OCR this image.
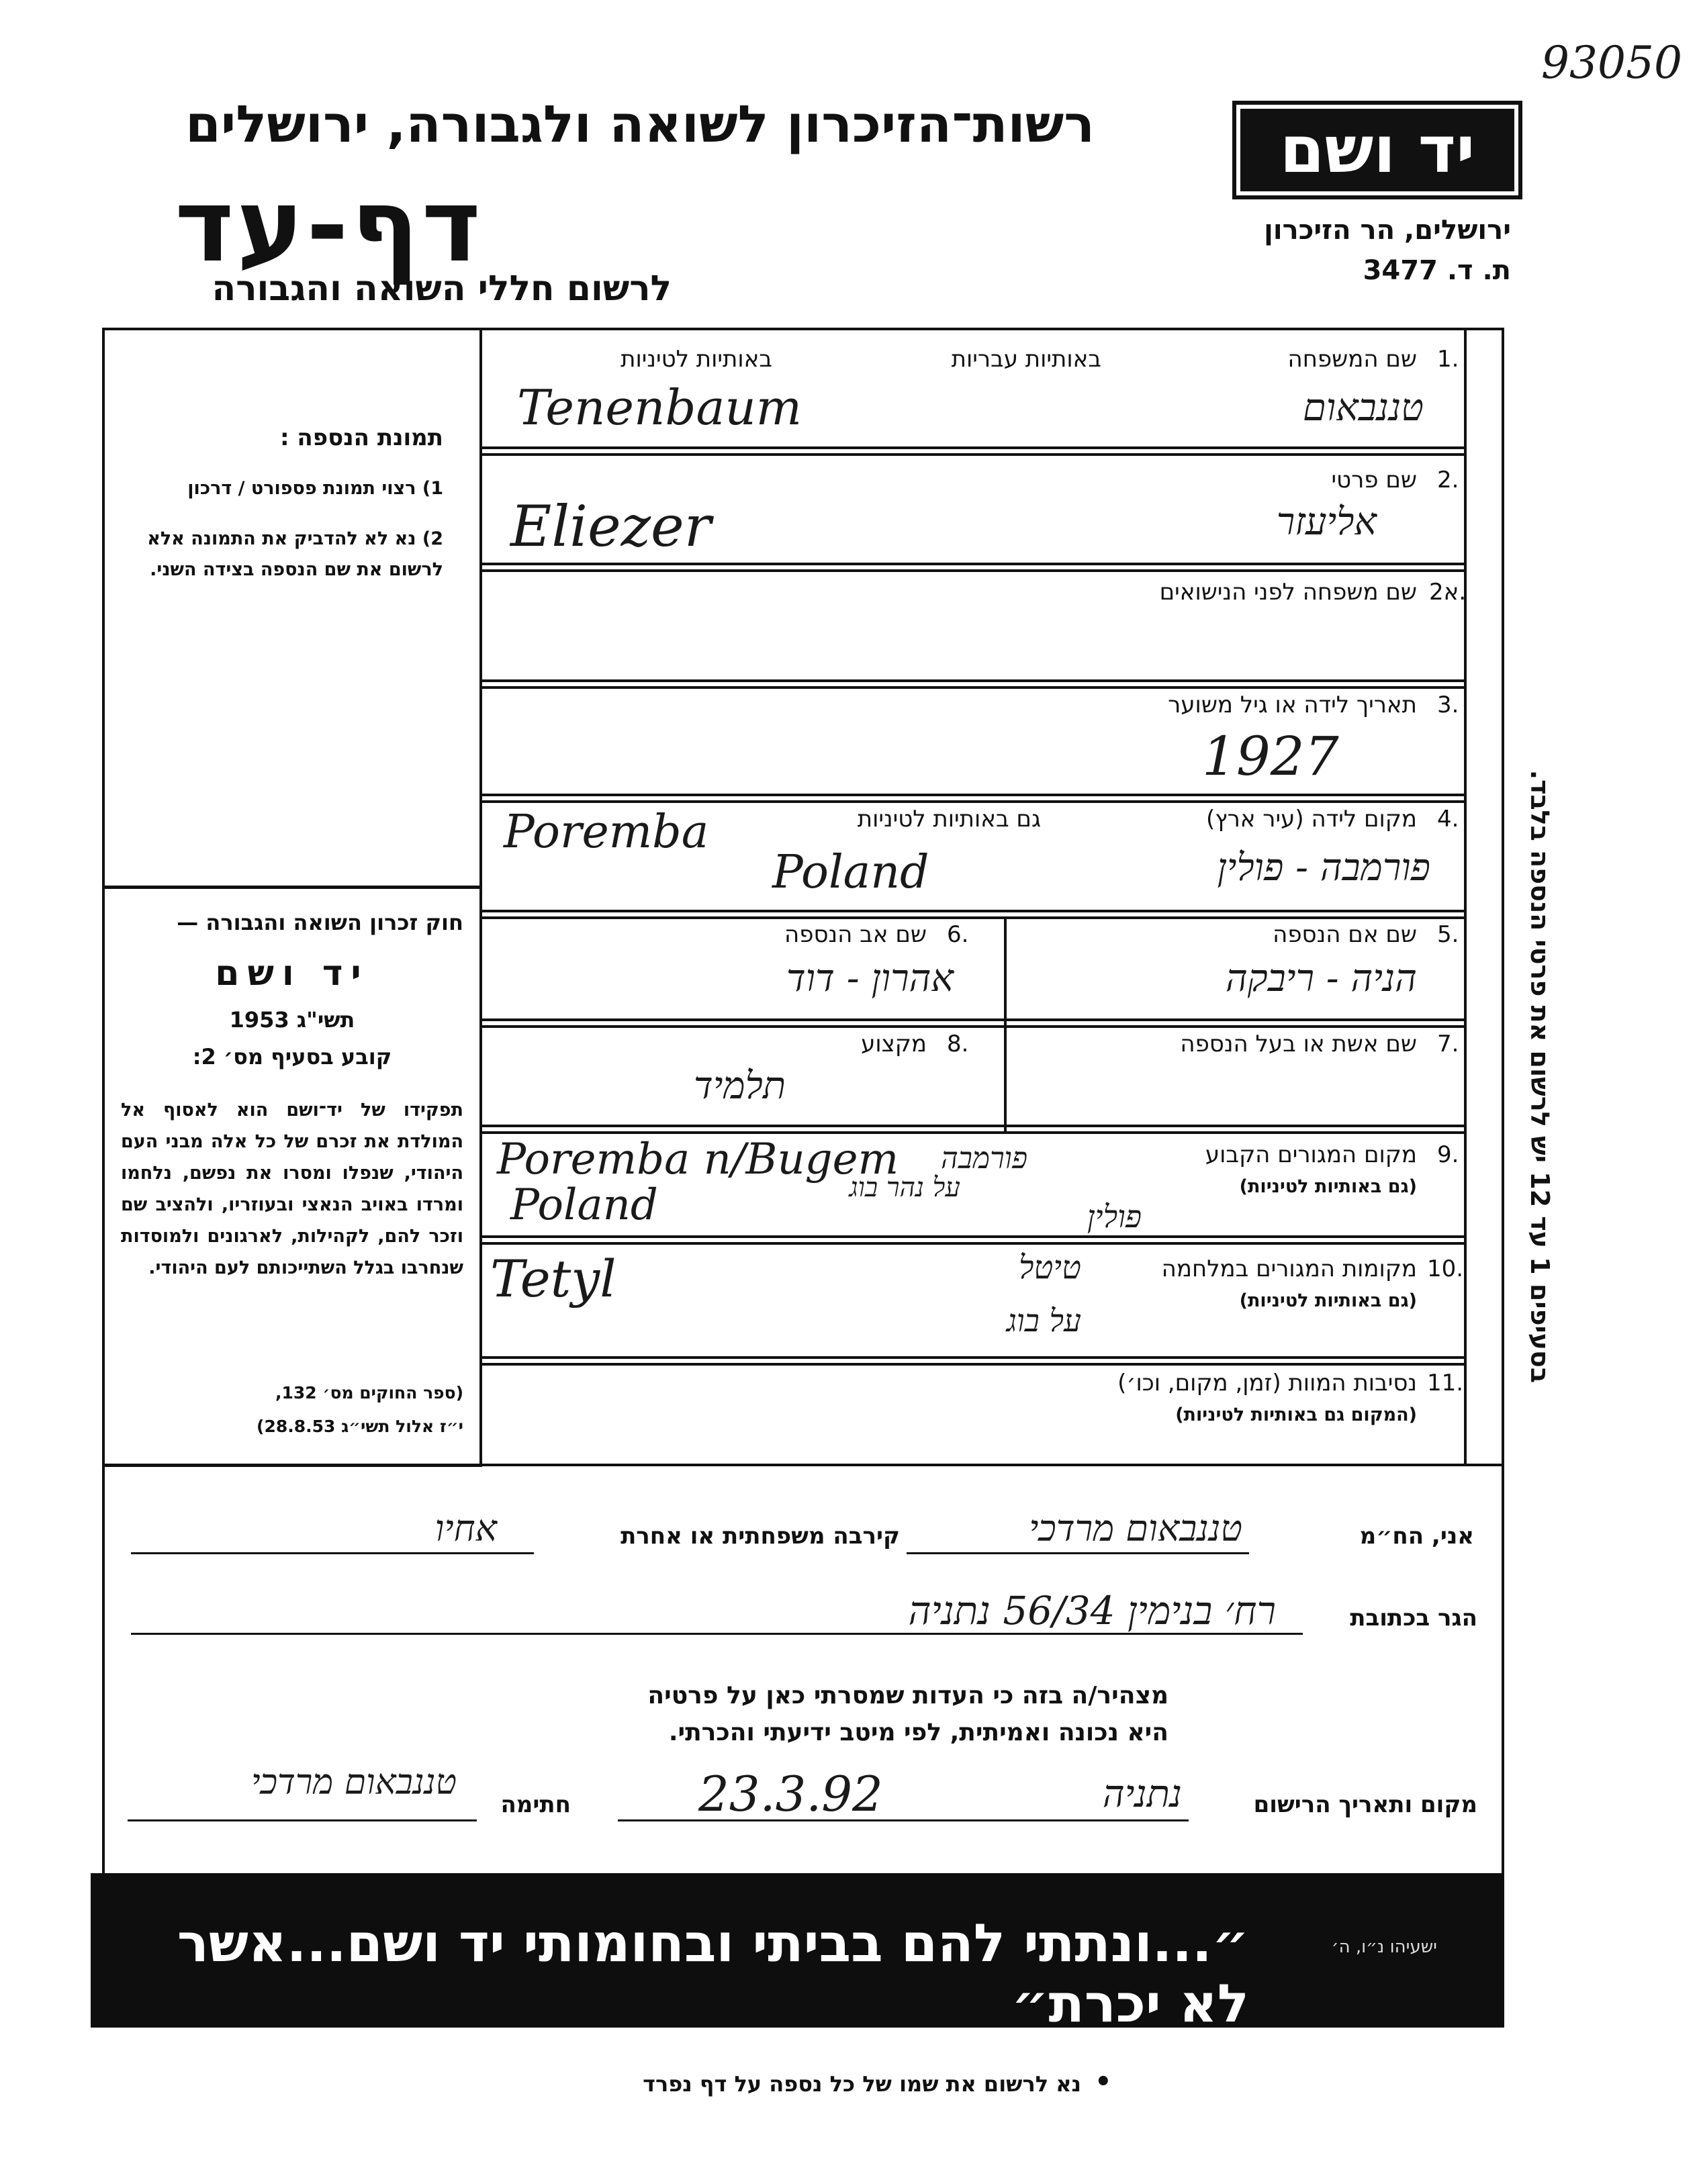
93050
יד ושם
רשות־הזיכרון לשואה ולגבורה, ירושלים
דף-עד
לרשום חללי השואה והגבורה
ירושלים, הר הזיכרון
ת. ד. 3477
תמונת הנספה :
1) רצוי תמונת פספורט / דרכון
2) נא לא להדביק את התמונה אלא לרשום את שם הנספה בצידה השני.
חוק זכרון השואה והגבורה —
יד ושם
תשי"ג 1953
קובע בסעיף מס׳ 2:
תפקידו של יד־ושם הוא לאסוף אל המולדת את זכרם של כל אלה מבני העם היהודי, שנפלו ומסרו את נפשם, נלחמו ומרדו באויב הנאצי ובעוזריו, ולהציב שם וזכר להם, לקהילות, לארגונים ולמוסדות שנחרבו בגלל השתייכותם לעם היהודי.
(ספר החוקים מס׳ 132,
י״ז אלול תשי״ג 28.8.53)
1.
שם המשפחה
באותיות עבריות
באותיות לטיניות
טננבאום
Tenenbaum
2.
שם פרטי
אליעזר
Eliezer
2א.
שם משפחה לפני הנישואים
3.
תאריך לידה או גיל משוער
1927
4.
מקום לידה (עיר ארץ)
גם באותיות לטיניות
פורמבה - פולין
Poremba
Poland
5.
שם אם הנספה
הניה - ריבקה
6.
שם אב הנספה
אהרון - דוד
7.
שם אשת או בעל הנספה
8.
מקצוע
תלמיד
9.
מקום המגורים הקבוע
(גם באותיות לטיניות)
Poremba n/Bugem
Poland
פורמבה
על נהר בוג
פולין
10.
מקומות המגורים במלחמה
(גם באותיות לטיניות)
Tetyl	טיטל
על בוג
11.
נסיבות המוות (זמן, מקום, וכו׳)
(המקום גם באותיות לטיניות)
בסעיפים 1 עד 12 יש לרשום את פרטי הנספה בלבד.
אני, הח״מ
טננבאום מרדכי
קירבה משפחתית או אחרת
אחיו
הגר בכתובת
רח׳ בנימין 56/34 נתניה
מצהיר/ה בזה כי העדות שמסרתי כאן על פרטיה
היא נכונה ואמיתית, לפי מיטב ידיעתי והכרתי.
מקום ותאריך הרישום
נתניה
23.3.92
חתימה
טננבאום מרדכי
״...ונתתי להם בביתי ובחומותי יד ושם...אשר לא יכרת״
ישעיהו נ״ו, ה׳
•
נא לרשום את שמו של כל נספה על דף נפרד
